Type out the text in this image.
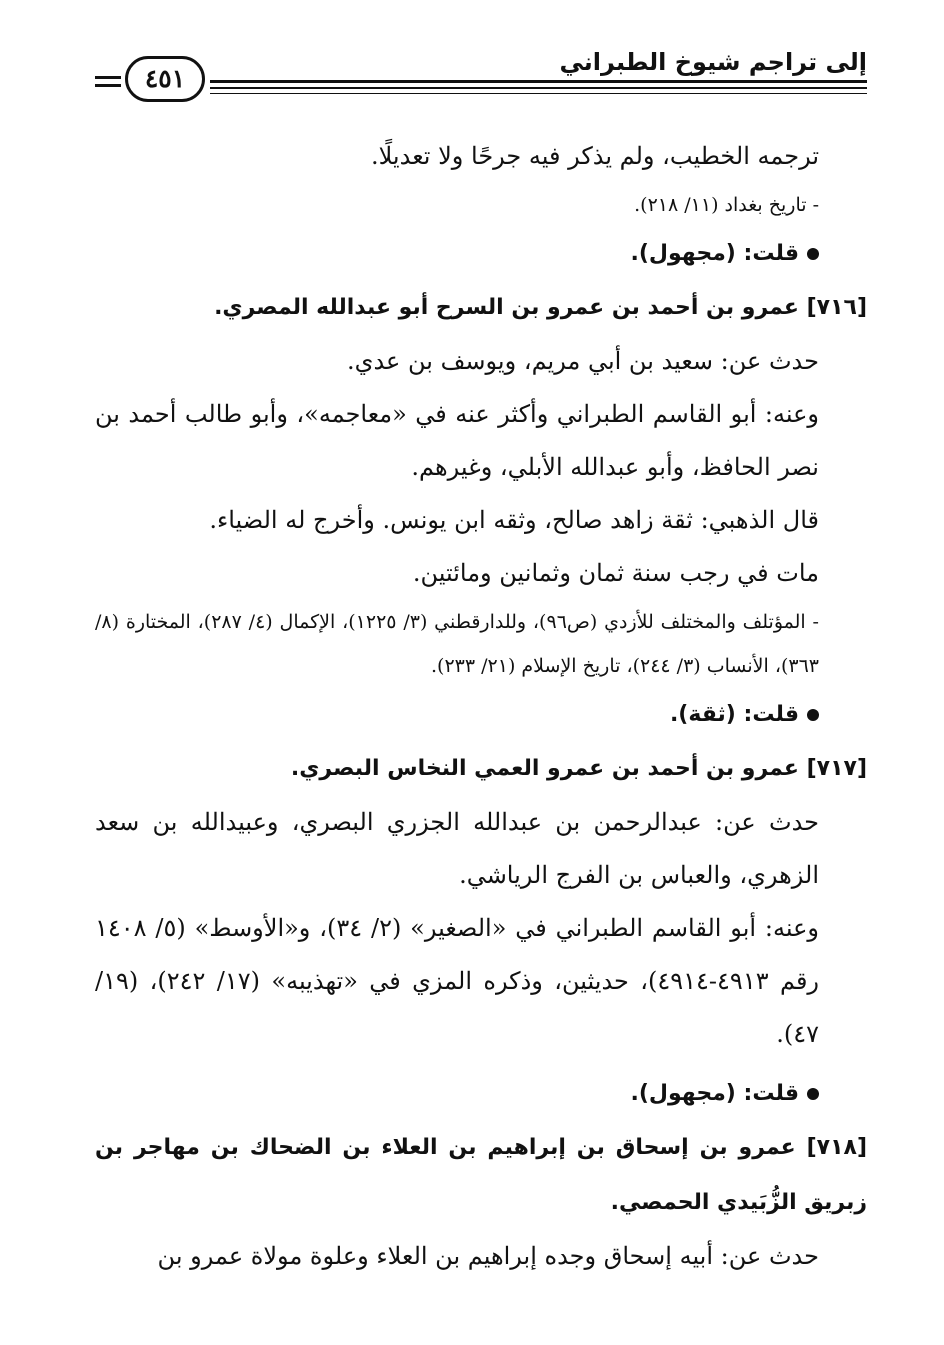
إلى تراجم شيوخ الطبراني
٤٥١

ترجمه الخطيب، ولم يذكر فيه جرحًا ولا تعديلًا.

- تاريخ بغداد (١١/ ٢١٨).

قلت: (مجهول).

[٧١٦] عمرو بن أحمد بن عمرو بن السرح أبو عبدالله المصري.

حدث عن: سعيد بن أبي مريم، ويوسف بن عدي.

وعنه: أبو القاسم الطبراني وأكثر عنه في «معاجمه»، وأبو طالب أحمد بن نصر الحافظ، وأبو عبدالله الأبلي، وغيرهم.

قال الذهبي: ثقة زاهد صالح، وثقه ابن يونس. وأخرج له الضياء.

مات في رجب سنة ثمان وثمانين ومائتين.

- المؤتلف والمختلف للأزدي (ص٩٦)، وللدارقطني (٣/ ١٢٢٥)، الإكمال (٤/ ٢٨٧)، المختارة (٨/ ٣٦٣)، الأنساب (٣/ ٢٤٤)، تاريخ الإسلام (٢١/ ٢٣٣).

قلت: (ثقة).

[٧١٧] عمرو بن أحمد بن عمرو العمي النخاس البصري.

حدث عن: عبدالرحمن بن عبدالله الجزري البصري، وعبيدالله بن سعد الزهري، والعباس بن الفرج الرياشي.

وعنه: أبو القاسم الطبراني في «الصغير» (٢/ ٣٤)، و«الأوسط» (٥/ ١٤٠٨ رقم ٤٩١٣-٤٩١٤)، حديثين، وذكره المزي في «تهذيبه» (١٧/ ٢٤٢)، (١٩/ ٤٧).

قلت: (مجهول).

[٧١٨] عمرو بن إسحاق بن إبراهيم بن العلاء بن الضحاك بن مهاجر بن زبريق الزُّبَيدي الحمصي.

حدث عن: أبيه إسحاق وجده إبراهيم بن العلاء وعلوة مولاة عمرو بن
